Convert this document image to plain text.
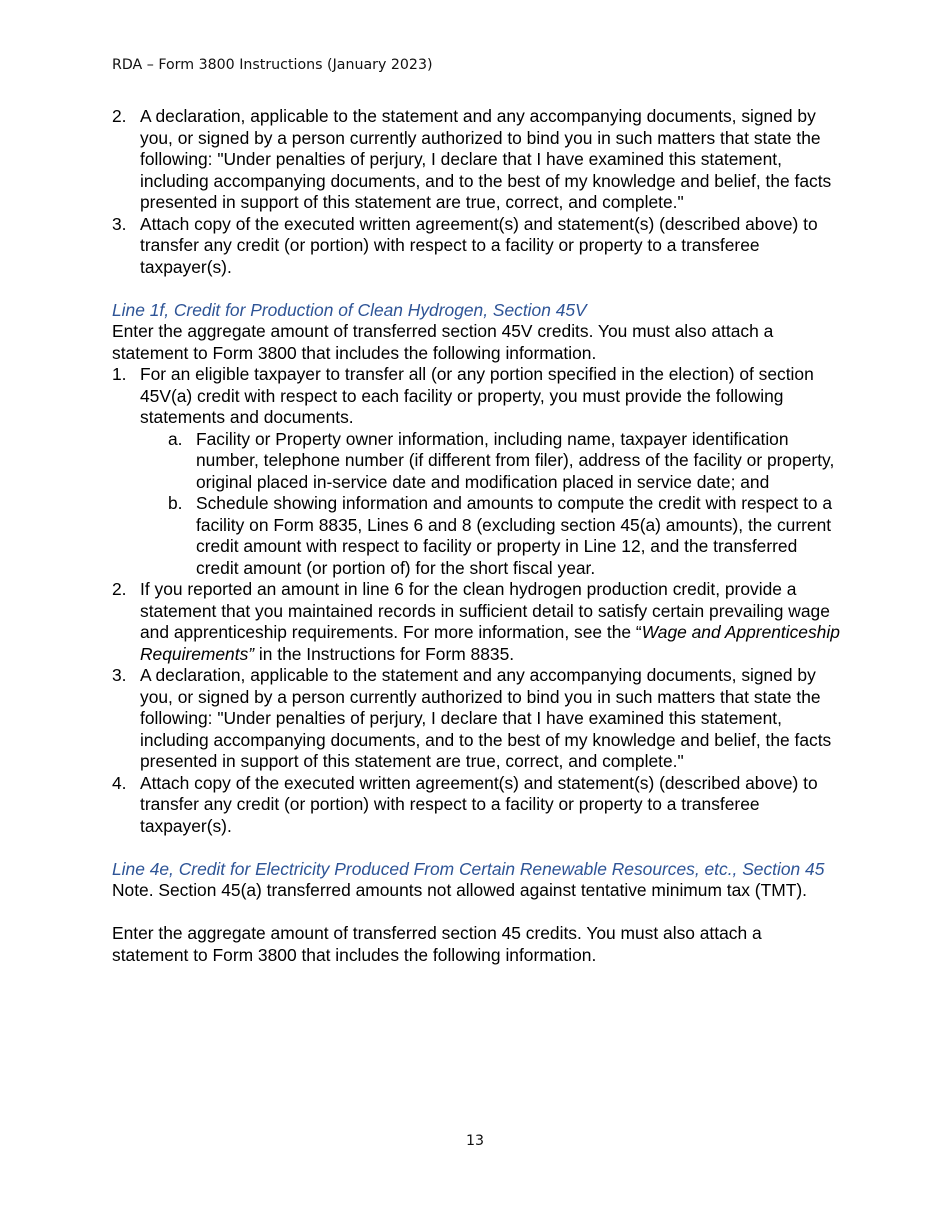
RDA – Form 3800 Instructions (January 2023)
2. A declaration, applicable to the statement and any accompanying documents, signed by you, or signed by a person currently authorized to bind you in such matters that state the following: "Under penalties of perjury, I declare that I have examined this statement, including accompanying documents, and to the best of my knowledge and belief, the facts presented in support of this statement are true, correct, and complete."
3. Attach copy of the executed written agreement(s) and statement(s) (described above) to transfer any credit (or portion) with respect to a facility or property to a transferee taxpayer(s).

Line 1f, Credit for Production of Clean Hydrogen, Section 45V

Enter the aggregate amount of transferred section 45V credits. You must also attach a statement to Form 3800 that includes the following information.

1. For an eligible taxpayer to transfer all (or any portion specified in the election) of section 45V(a) credit with respect to each facility or property, you must provide the following statements and documents.
a. Facility or Property owner information, including name, taxpayer identification number, telephone number (if different from filer), address of the facility or property, original placed in-service date and modification placed in service date; and
b. Schedule showing information and amounts to compute the credit with respect to a facility on Form 8835, Lines 6 and 8 (excluding section 45(a) amounts), the current credit amount with respect to facility or property in Line 12, and the transferred credit amount (or portion of) for the short fiscal year.
2. If you reported an amount in line 6 for the clean hydrogen production credit, provide a statement that you maintained records in sufficient detail to satisfy certain prevailing wage and apprenticeship requirements. For more information, see the “Wage and Apprenticeship Requirements” in the Instructions for Form 8835.
3. A declaration, applicable to the statement and any accompanying documents, signed by you, or signed by a person currently authorized to bind you in such matters that state the following: "Under penalties of perjury, I declare that I have examined this statement, including accompanying documents, and to the best of my knowledge and belief, the facts presented in support of this statement are true, correct, and complete."
4. Attach copy of the executed written agreement(s) and statement(s) (described above) to transfer any credit (or portion) with respect to a facility or property to a transferee taxpayer(s).

Line 4e, Credit for Electricity Produced From Certain Renewable Resources, etc., Section 45

Note. Section 45(a) transferred amounts not allowed against tentative minimum tax (TMT).

Enter the aggregate amount of transferred section 45 credits. You must also attach a statement to Form 3800 that includes the following information.

13
